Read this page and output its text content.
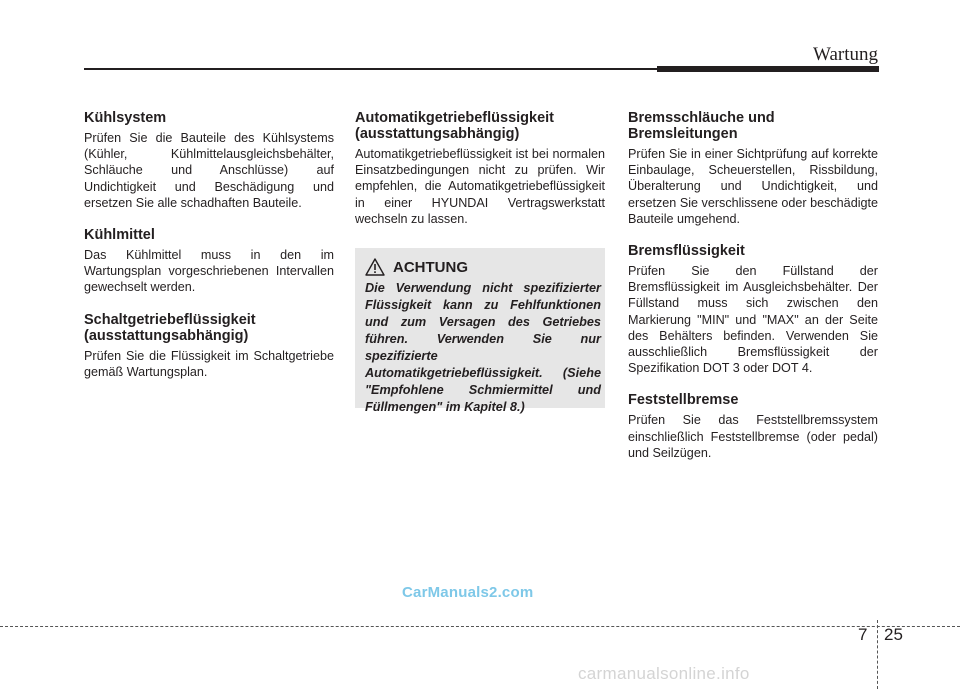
Wartung
Kühlsystem

Prüfen Sie die Bauteile des Kühlsystems (Kühler, Kühlmittelausgleichsbehälter, Schläuche und Anschlüsse) auf Undichtigkeit und Beschädigung und ersetzen Sie alle schadhaften Bauteile.

Kühlmittel

Das Kühlmittel muss in den im Wartungsplan vorgeschriebenen Intervallen gewechselt werden.

Schaltgetriebeflüssigkeit (ausstattungsabhängig)

Prüfen Sie die Flüssigkeit im Schaltgetriebe gemäß Wartungsplan.

Automatikgetriebeflüssigkeit (ausstattungsabhängig)

Automatikgetriebeflüssigkeit ist bei normalen Einsatzbedingungen nicht zu prüfen. Wir empfehlen, die Automatikgetriebeflüssigkeit in einer HYUNDAI Vertragswerkstatt wechseln zu lassen.

ACHTUNG

Die Verwendung nicht spezifizierter Flüssigkeit kann zu Fehlfunktionen und zum Versagen des Getriebes führen. Verwenden Sie nur spezifizierte Automatikgetriebeflüssigkeit. (Siehe "Empfohlene Schmiermittel und Füllmengen" im Kapitel 8.)

Bremsschläuche und Bremsleitungen

Prüfen Sie in einer Sichtprüfung auf korrekte Einbaulage, Scheuerstellen, Rissbildung, Überalterung und Undichtigkeit, und ersetzen Sie verschlissene oder beschädigte Bauteile umgehend.

Bremsflüssigkeit

Prüfen Sie den Füllstand der Bremsflüssigkeit im Ausgleichsbehälter. Der Füllstand muss sich zwischen den Markierung "MIN" und "MAX" an der Seite des Behälters befinden. Verwenden Sie ausschließlich Bremsflüssigkeit der Spezifikation DOT 3 oder DOT 4.

Feststellbremse

Prüfen Sie das Feststellbremssystem einschließlich Feststellbremse (oder pedal) und Seilzügen.

CarManuals2.com
7 25
carmanualsonline.info
